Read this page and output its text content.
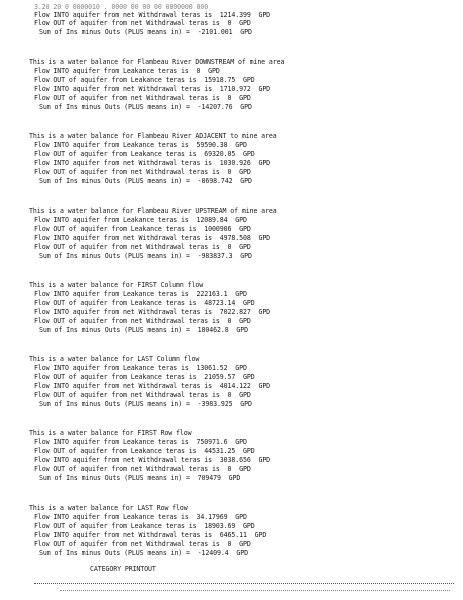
3.20 20 0 0000010 . 0000 00 00 00 0000000 000
Flow INTO aquifer from net Withdrawal teras is  1214.399  GPD
Flow OUT of aquifer from net Withdrawal teras is  0  GPD
Sum of Ins minus Outs (PLUS means in) =  -2101.001  GPD
This is a water balance for Flambeau River DOWNSTREAM of mine area
Flow INTO aquifer from Leakance teras is  0  GPD
Flow OUT of aquifer from Leakance teras is  15918.75  GPD
Flow INTO aquifer from net Withdrawal teras is  1710.972  GPD
Flow OUT of aquifer from net Withdrawal teras is  0  GPD
Sum of Ins minus Outs (PLUS means in) =  -14207.76  GPD
This is a water balance for Flambeau River ADJACENT to mine area
Flow INTO aquifer from Leakance teras is  59590.38  GPD
Flow OUT of aquifer from Leakance teras is  69320.05  GPD
Flow INTO aquifer from net Withdrawal teras is  1030.926  GPD
Flow OUT of aquifer from net Withdrawal teras is  0  GPD
Sum of Ins minus Outs (PLUS means in) =  -8698.742  GPD
This is a water balance for Flambeau River UPSTREAM of mine area
Flow INTO aquifer from Leakance teras is  12089.84  GPD
Flow OUT of aquifer from Leakance teras is  1000906  GPD
Flow INTO aquifer from net Withdrawal teras is  4978.508  GPD
Flow OUT of aquifer from net Withdrawal teras is  0  GPD
Sum of Ins minus Outs (PLUS means in) =  -983837.3  GPD
This is a water balance for FIRST Column flow
Flow INTO aquifer from Leakance teras is  222163.1  GPD
Flow OUT of aquifer from Leakance teras is  48723.14  GPD
Flow INTO aquifer from net Withdrawal teras is  7022.827  GPD
Flow OUT of aquifer from net Withdrawal teras is  0  GPD
Sum of Ins minus Outs (PLUS means in) =  180462.8  GPD
This is a water balance for LAST Column flow
Flow INTO aquifer from Leakance teras is  13061.52  GPD
Flow OUT of aquifer from Leakance teras is  21059.57  GPD
Flow INTO aquifer from net Withdrawal teras is  4014.122  GPD
Flow OUT of aquifer from net Withdrawal teras is  0  GPD
Sum of Ins minus Outs (PLUS means in) =  -3983.925  GPD
This is a water balance for FIRST Row flow
Flow INTO aquifer from Leakance teras is  750971.6  GPD
Flow OUT of aquifer from Leakance teras is  44531.25  GPD
Flow INTO aquifer from net Withdrawal teras is  3038.656  GPD
Flow OUT of aquifer from net Withdrawal teras is  0  GPD
Sum of Ins minus Outs (PLUS means in) =  709479  GPD
This is a water balance for LAST Row flow
Flow INTO aquifer from Leakance teras is  34.17969  GPD
Flow OUT of aquifer from Leakance teras is  18903.69  GPD
Flow INTO aquifer from net Withdrawal teras is  6465.11  GPD
Flow OUT of aquifer from net Withdrawal teras is  0  GPD
Sum of Ins minus Outs (PLUS means in) =  -12409.4  GPD
CATEGORY PRINTOUT
